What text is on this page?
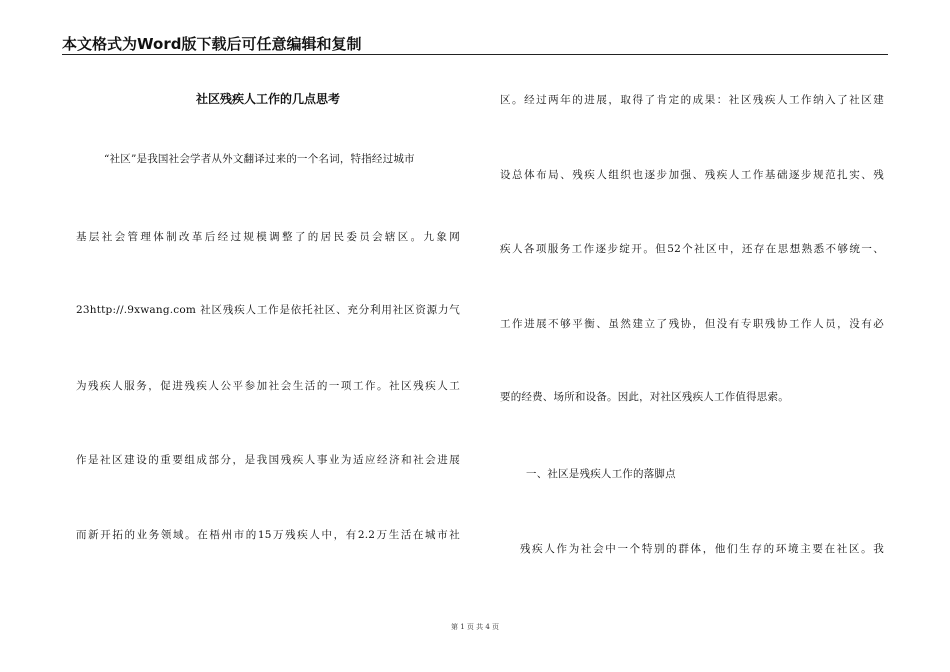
本文格式为Word版下载后可任意编辑和复制
社区残疾人工作的几点思考
“社区”是我国社会学者从外文翻译过来的一个名词，特指经过城市
基层社会管理体制改革后经过规模调整了的居民委员会辖区。九象网
23http://.9xwang.com 社区残疾人工作是依托社区、充分利用社区资源力气
为残疾人服务，促进残疾人公平参加社会生活的一项工作。社区残疾人工
作是社区建设的重要组成部分，是我国残疾人事业为适应经济和社会进展
而新开拓的业务领域。在梧州市的15万残疾人中，有2.2万生活在城市社
区。经过两年的进展，取得了肯定的成果：社区残疾人工作纳入了社区建
设总体布局、残疾人组织也逐步加强、残疾人工作基础逐步规范扎实、残
疾人各项服务工作逐步绽开。但52个社区中，还存在思想熟悉不够统一、
工作进展不够平衡、虽然建立了残协，但没有专职残协工作人员，没有必
要的经费、场所和设备。因此，对社区残疾人工作值得思索。
一、社区是残疾人工作的落脚点
残疾人作为社会中一个特别的群体，他们生存的环境主要在社区。我
第 1 页 共 4 页
